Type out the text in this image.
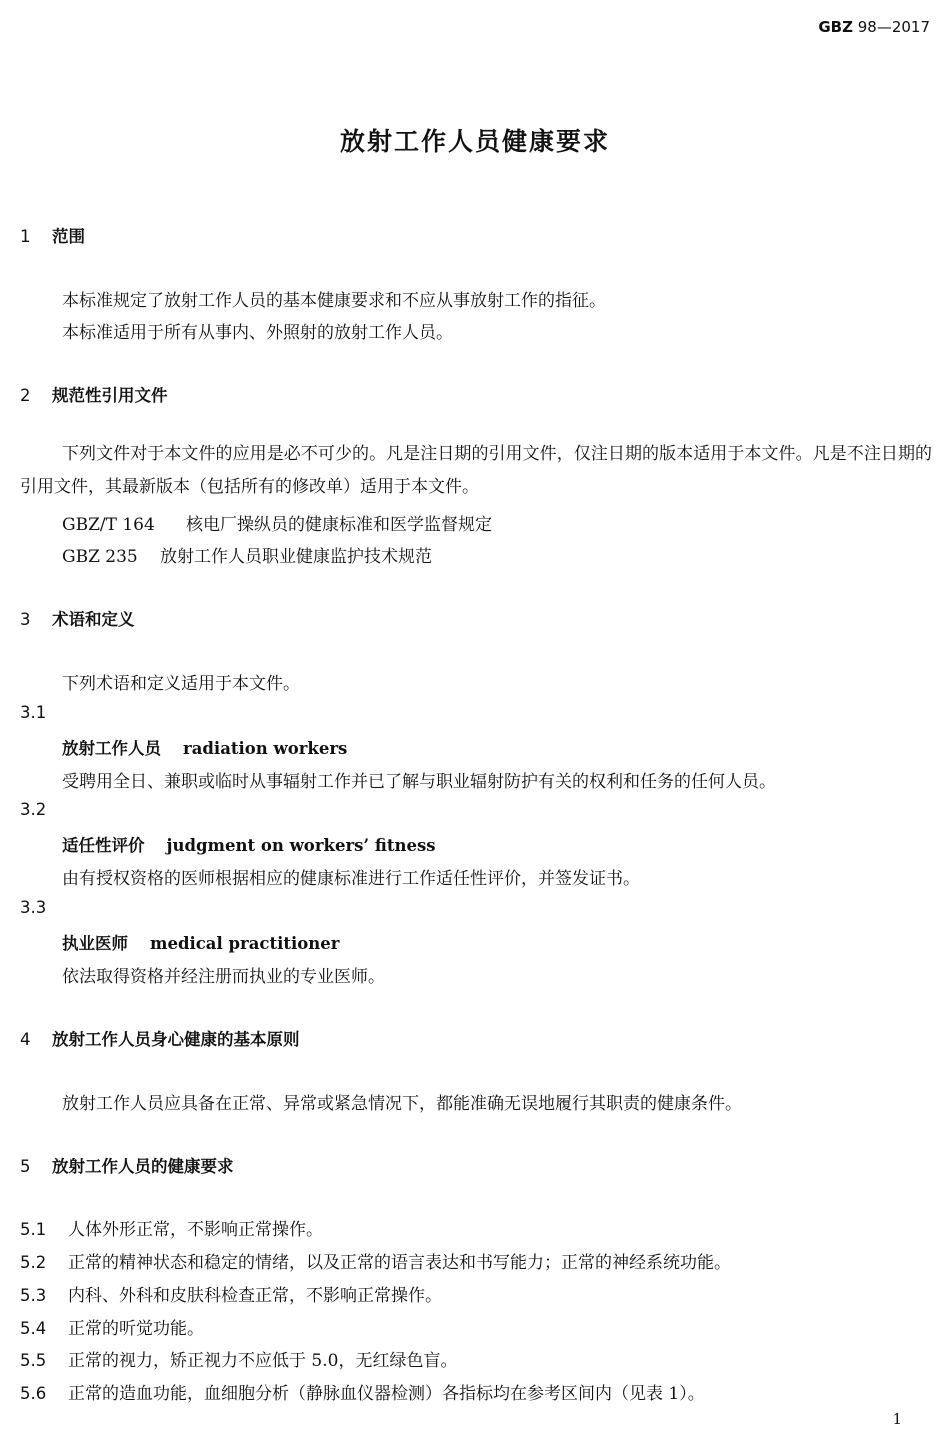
GBZ 98—2017
放射工作人员健康要求
1 范围
本标准规定了放射工作人员的基本健康要求和不应从事放射工作的指征。
本标准适用于所有从事内、外照射的放射工作人员。
2 规范性引用文件
下列文件对于本文件的应用是必不可少的。凡是注日期的引用文件，仅注日期的版本适用于本文件。凡是不注日期的引用文件，其最新版本（包括所有的修改单）适用于本文件。
GBZ/T 164 核电厂操纵员的健康标准和医学监督规定
GBZ 235 放射工作人员职业健康监护技术规范
3 术语和定义
下列术语和定义适用于本文件。
3.1
放射工作人员 radiation workers
受聘用全日、兼职或临时从事辐射工作并已了解与职业辐射防护有关的权利和任务的任何人员。
3.2
适任性评价 judgment on workers’ fitness
由有授权资格的医师根据相应的健康标准进行工作适任性评价，并签发证书。
3.3
执业医师 medical practitioner
依法取得资格并经注册而执业的专业医师。
4 放射工作人员身心健康的基本原则
放射工作人员应具备在正常、异常或紧急情况下，都能准确无误地履行其职责的健康条件。
5 放射工作人员的健康要求
5.1 人体外形正常，不影响正常操作。
5.2 正常的精神状态和稳定的情绪，以及正常的语言表达和书写能力；正常的神经系统功能。
5.3 内科、外科和皮肤科检查正常，不影响正常操作。
5.4 正常的听觉功能。
5.5 正常的视力，矫正视力不应低于 5.0，无红绿色盲。
5.6 正常的造血功能，血细胞分析（静脉血仪器检测）各指标均在参考区间内（见表 1）。
1
